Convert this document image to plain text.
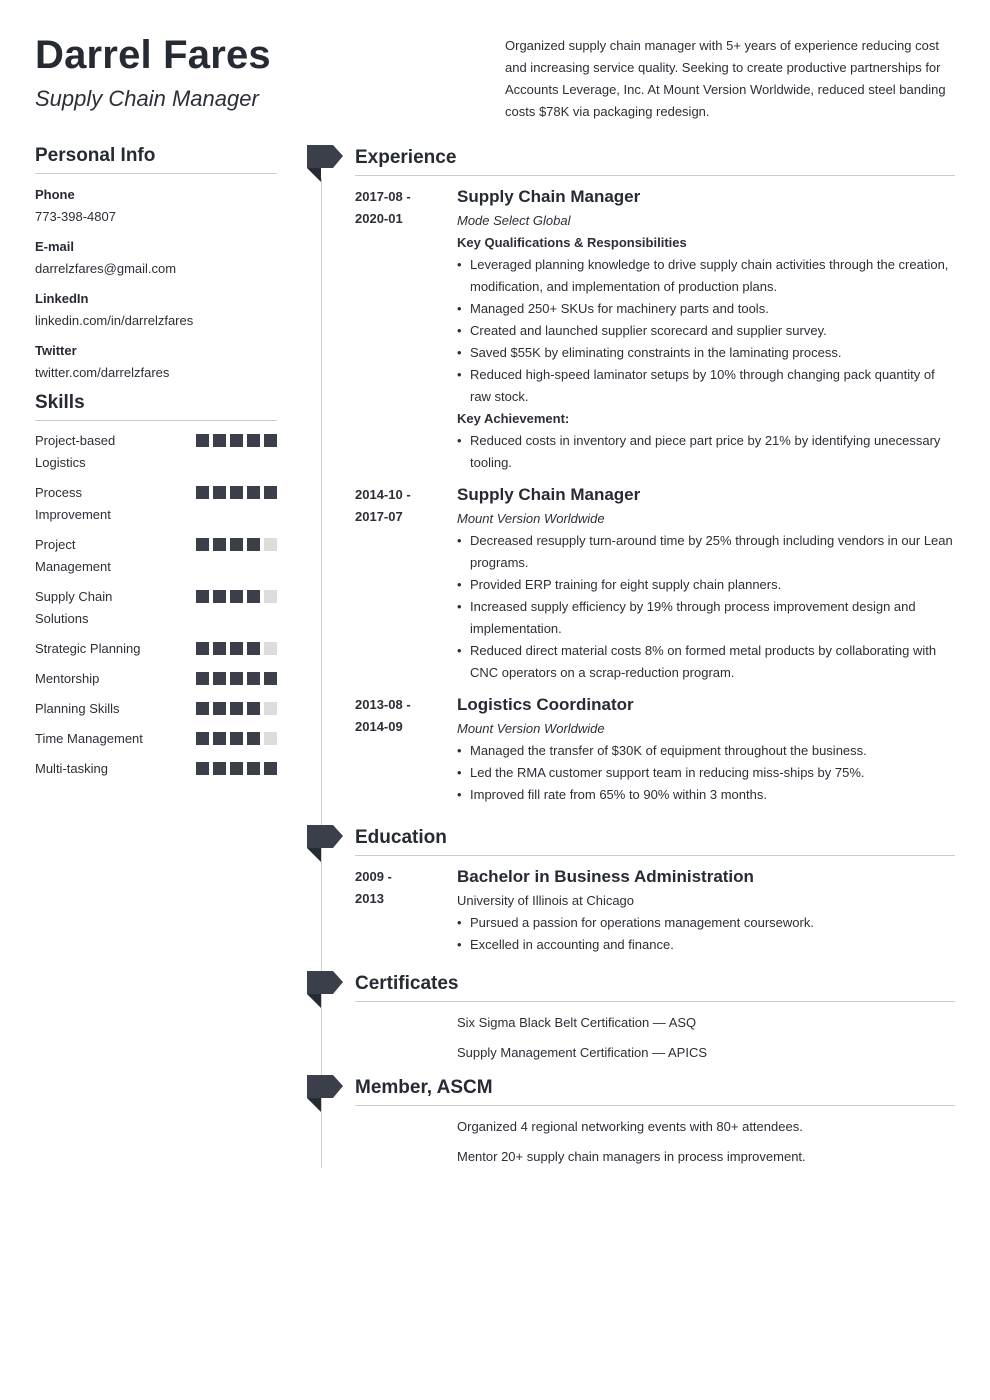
Darrel Fares
Supply Chain Manager
Organized supply chain manager with 5+ years of experience reducing cost and increasing service quality. Seeking to create productive partnerships for Accounts Leverage, Inc. At Mount Version Worldwide, reduced steel banding costs $78K via packaging redesign.
Personal Info
Phone
773-398-4807
E-mail
darrelzfares@gmail.com
LinkedIn
linkedin.com/in/darrelzfares
Twitter
twitter.com/darrelzfares
Skills
Project-based Logistics
Process Improvement
Project Management
Supply Chain Solutions
Strategic Planning
Mentorship
Planning Skills
Time Management
Multi-tasking
Experience
2017-08 -
2020-01
Supply Chain Manager
Mode Select Global
Key Qualifications & Responsibilities
• Leveraged planning knowledge to drive supply chain activities through the creation, modification, and implementation of production plans.
• Managed 250+ SKUs for machinery parts and tools.
• Created and launched supplier scorecard and supplier survey.
• Saved $55K by eliminating constraints in the laminating process.
• Reduced high-speed laminator setups by 10% through changing pack quantity of raw stock.
Key Achievement:
• Reduced costs in inventory and piece part price by 21% by identifying unecessary tooling.
2014-10 -
2017-07
Supply Chain Manager
Mount Version Worldwide
• Decreased resupply turn-around time by 25% through including vendors in our Lean programs.
• Provided ERP training for eight supply chain planners.
• Increased supply efficiency by 19% through process improvement design and implementation.
• Reduced direct material costs 8% on formed metal products by collaborating with CNC operators on a scrap-reduction program.
2013-08 -
2014-09
Logistics Coordinator
Mount Version Worldwide
• Managed the transfer of $30K of equipment throughout the business.
• Led the RMA customer support team in reducing miss-ships by 75%.
• Improved fill rate from 65% to 90% within 3 months.
Education
2009 -
2013
Bachelor in Business Administration
University of Illinois at Chicago
• Pursued a passion for operations management coursework.
• Excelled in accounting and finance.
Certificates
Six Sigma Black Belt Certification — ASQ
Supply Management Certification — APICS
Member, ASCM
Organized 4 regional networking events with 80+ attendees.
Mentor 20+ supply chain managers in process improvement.
